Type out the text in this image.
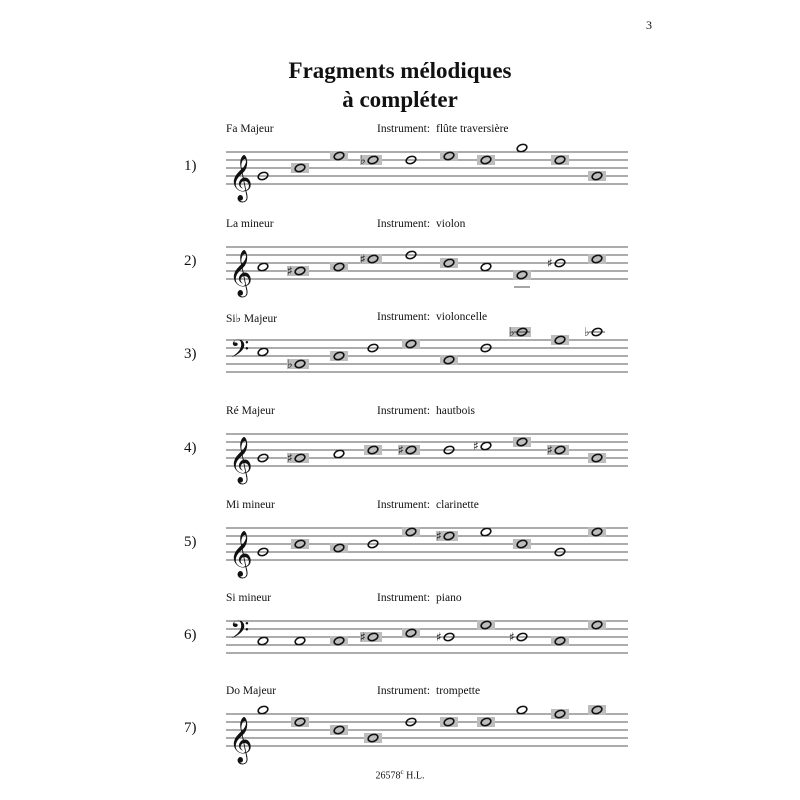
3
Fragments mélodiques
à compléter
Fa Majeur	Instrument: flûte traversière
1) 𝄞	♭
La mineur	Instrument: violon
2) 𝄞	♯
♯	♯
Si♭ Majeur	Instrument: violoncelle
3) 𝄢	♭
♭	♭
Ré Majeur	Instrument: hautbois
4) 𝄞	♯
♯	♯	♯
Mi mineur	Instrument: clarinette
5) 𝄞	♯
Si mineur	Instrument: piano
6) 𝄢	♯	♯	♯
Do Majeur	Instrument: trompette
7) 𝄞
26578$^c$ H.L.
